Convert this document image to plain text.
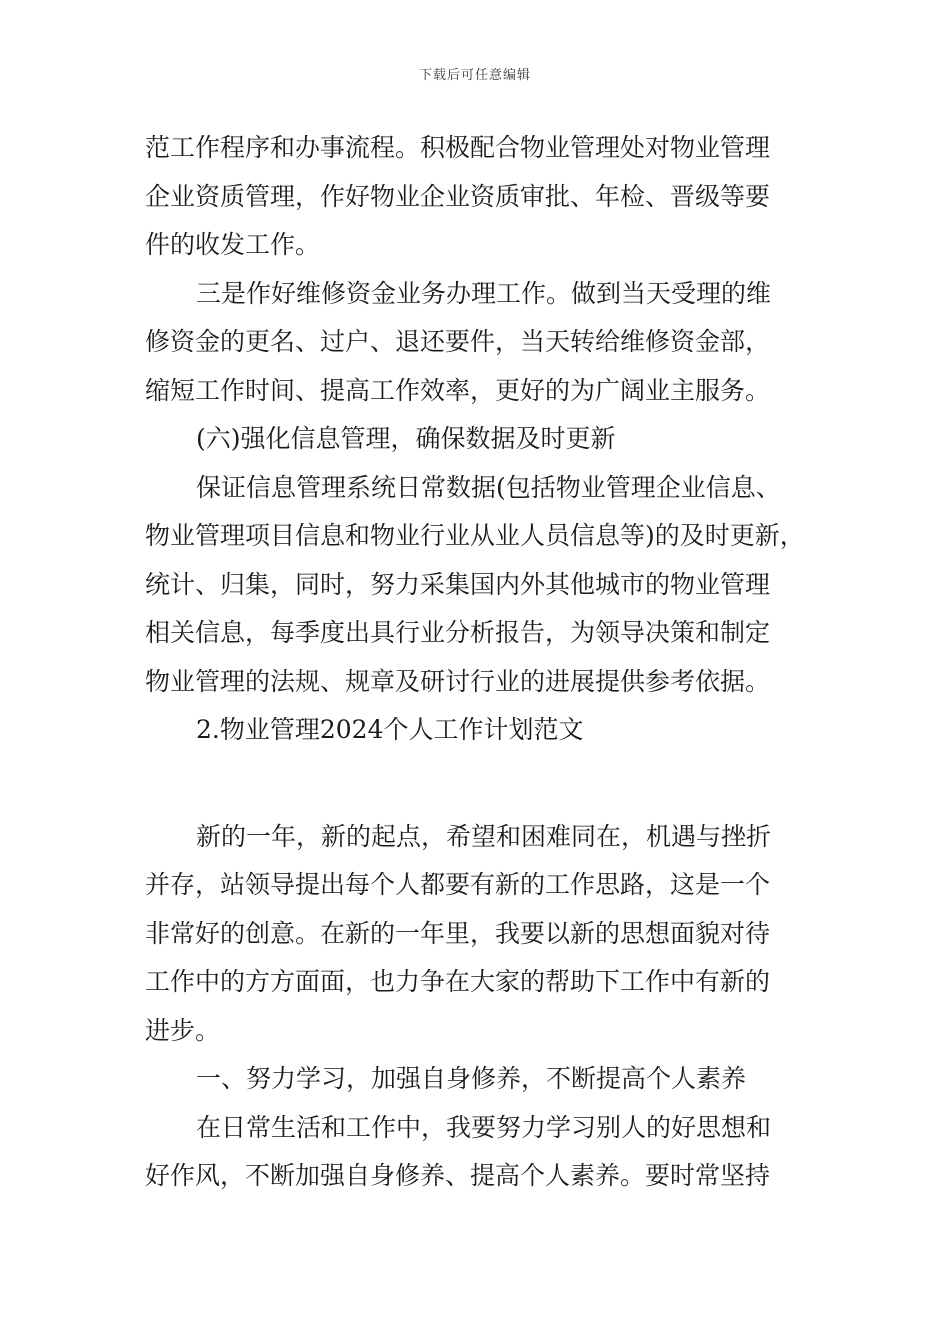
下载后可任意编辑
范工作程序和办事流程。积极配合物业管理处对物业管理
企业资质管理，作好物业企业资质审批、年检、晋级等要
件的收发工作。
三是作好维修资金业务办理工作。做到当天受理的维
修资金的更名、过户、退还要件，当天转给维修资金部，
缩短工作时间、提高工作效率，更好的为广阔业主服务。
(六)强化信息管理，确保数据及时更新
保证信息管理系统日常数据(包括物业管理企业信息、
物业管理项目信息和物业行业从业人员信息等)的及时更新，
统计、归集，同时，努力采集国内外其他城市的物业管理
相关信息，每季度出具行业分析报告，为领导决策和制定
物业管理的法规、规章及研讨行业的进展提供参考依据。
2.物业管理2024个人工作计划范文
新的一年，新的起点，希望和困难同在，机遇与挫折
并存，站领导提出每个人都要有新的工作思路，这是一个
非常好的创意。在新的一年里，我要以新的思想面貌对待
工作中的方方面面，也力争在大家的帮助下工作中有新的
进步。
一、努力学习，加强自身修养，不断提高个人素养
在日常生活和工作中，我要努力学习别人的好思想和
好作风，不断加强自身修养、提高个人素养。要时常坚持
